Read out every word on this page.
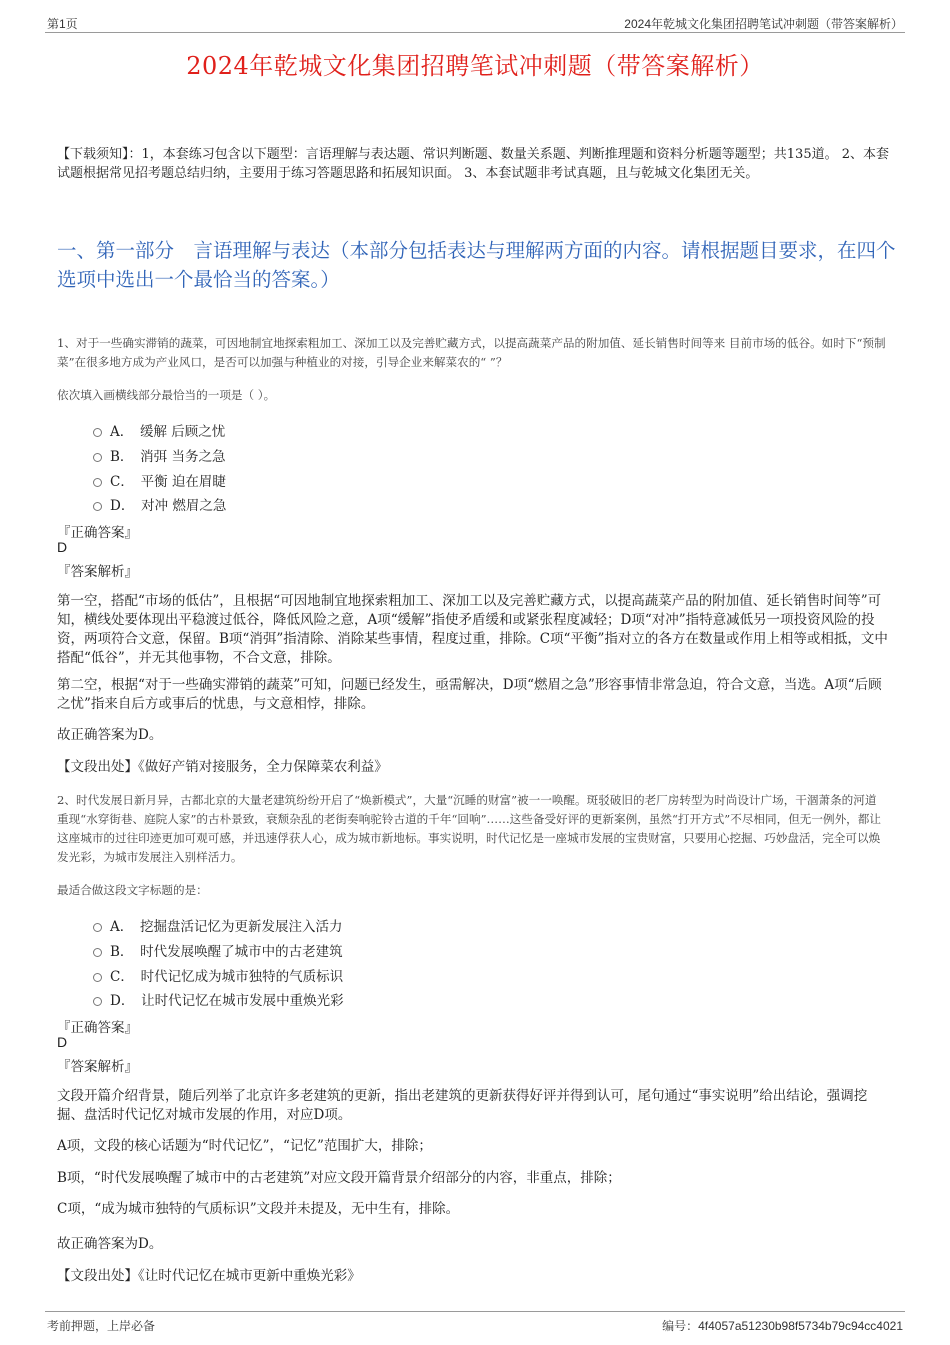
第1页	2024年乾城文化集团招聘笔试冲刺题（带答案解析）
2024年乾城文化集团招聘笔试冲刺题（带答案解析）
【下载须知】：1，本套练习包含以下题型：言语理解与表达题、常识判断题、数量关系题、判断推理题和资料分析题等题型；共135道。 2、本套试题根据常见招考题总结归纳，主要用于练习答题思路和拓展知识面。 3、本套试题非考试真题，且与乾城文化集团无关。
一、第一部分　言语理解与表达（本部分包括表达与理解两方面的内容。请根据题目要求，在四个选项中选出一个最恰当的答案。）
1、对于一些确实滞销的蔬菜，可因地制宜地探索粗加工、深加工以及完善贮藏方式，以提高蔬菜产品的附加值、延长销售时间等来 目前市场的低谷。如时下“预制菜”在很多地方成为产业风口，是否可以加强与种植业的对接，引导企业来解菜农的“ ”？
依次填入画横线部分最恰当的一项是（ ）。
A．　缓解 后顾之忧
B．　消弭 当务之急
C．　平衡 迫在眉睫
D．　对冲 燃眉之急
『正确答案』
D
『答案解析』
第一空，搭配“市场的低估”，且根据“可因地制宜地探索粗加工、深加工以及完善贮藏方式，以提高蔬菜产品的附加值、延长销售时间等”可知，横线处要体现出平稳渡过低谷，降低风险之意，A项“缓解”指使矛盾缓和或紧张程度减轻；D项“对冲”指特意减低另一项投资风险的投资，两项符合文意，保留。B项“消弭”指清除、消除某些事情，程度过重，排除。C项“平衡”指对立的各方在数量或作用上相等或相抵，文中搭配“低谷”，并无其他事物，不合文意，排除。
第二空，根据“对于一些确实滞销的蔬菜”可知，问题已经发生，亟需解决，D项“燃眉之急”形容事情非常急迫，符合文意，当选。A项“后顾之忧”指来自后方或事后的忧患，与文意相悖，排除。
故正确答案为D。
【文段出处】《做好产销对接服务，全力保障菜农利益》
2、时代发展日新月异，古都北京的大量老建筑纷纷开启了“焕新模式”，大量“沉睡的财富”被一一唤醒。斑驳破旧的老厂房转型为时尚设计广场，干涸萧条的河道重现“水穿街巷、庭院人家”的古朴景致，衰颓杂乱的老街奏响驼铃古道的千年“回响”……这些备受好评的更新案例，虽然“打开方式”不尽相同，但无一例外，都让这座城市的过往印迹更加可观可感，并迅速俘获人心，成为城市新地标。事实说明，时代记忆是一座城市发展的宝贵财富，只要用心挖掘、巧妙盘活，完全可以焕发光彩，为城市发展注入别样活力。
最适合做这段文字标题的是：
A．　挖掘盘活记忆为更新发展注入活力
B．　时代发展唤醒了城市中的古老建筑
C．　时代记忆成为城市独特的气质标识
D．　让时代记忆在城市发展中重焕光彩
『正确答案』
D
『答案解析』
文段开篇介绍背景，随后列举了北京许多老建筑的更新，指出老建筑的更新获得好评并得到认可，尾句通过“事实说明”给出结论，强调挖掘、盘活时代记忆对城市发展的作用，对应D项。
A项，文段的核心话题为“时代记忆”，“记忆”范围扩大，排除；
B项，“时代发展唤醒了城市中的古老建筑”对应文段开篇背景介绍部分的内容，非重点，排除；
C项，“成为城市独特的气质标识”文段并未提及，无中生有，排除。
故正确答案为D。
【文段出处】《让时代记忆在城市更新中重焕光彩》
考前押题，上岸必备	编号：4f4057a51230b98f5734b79c94cc4021
